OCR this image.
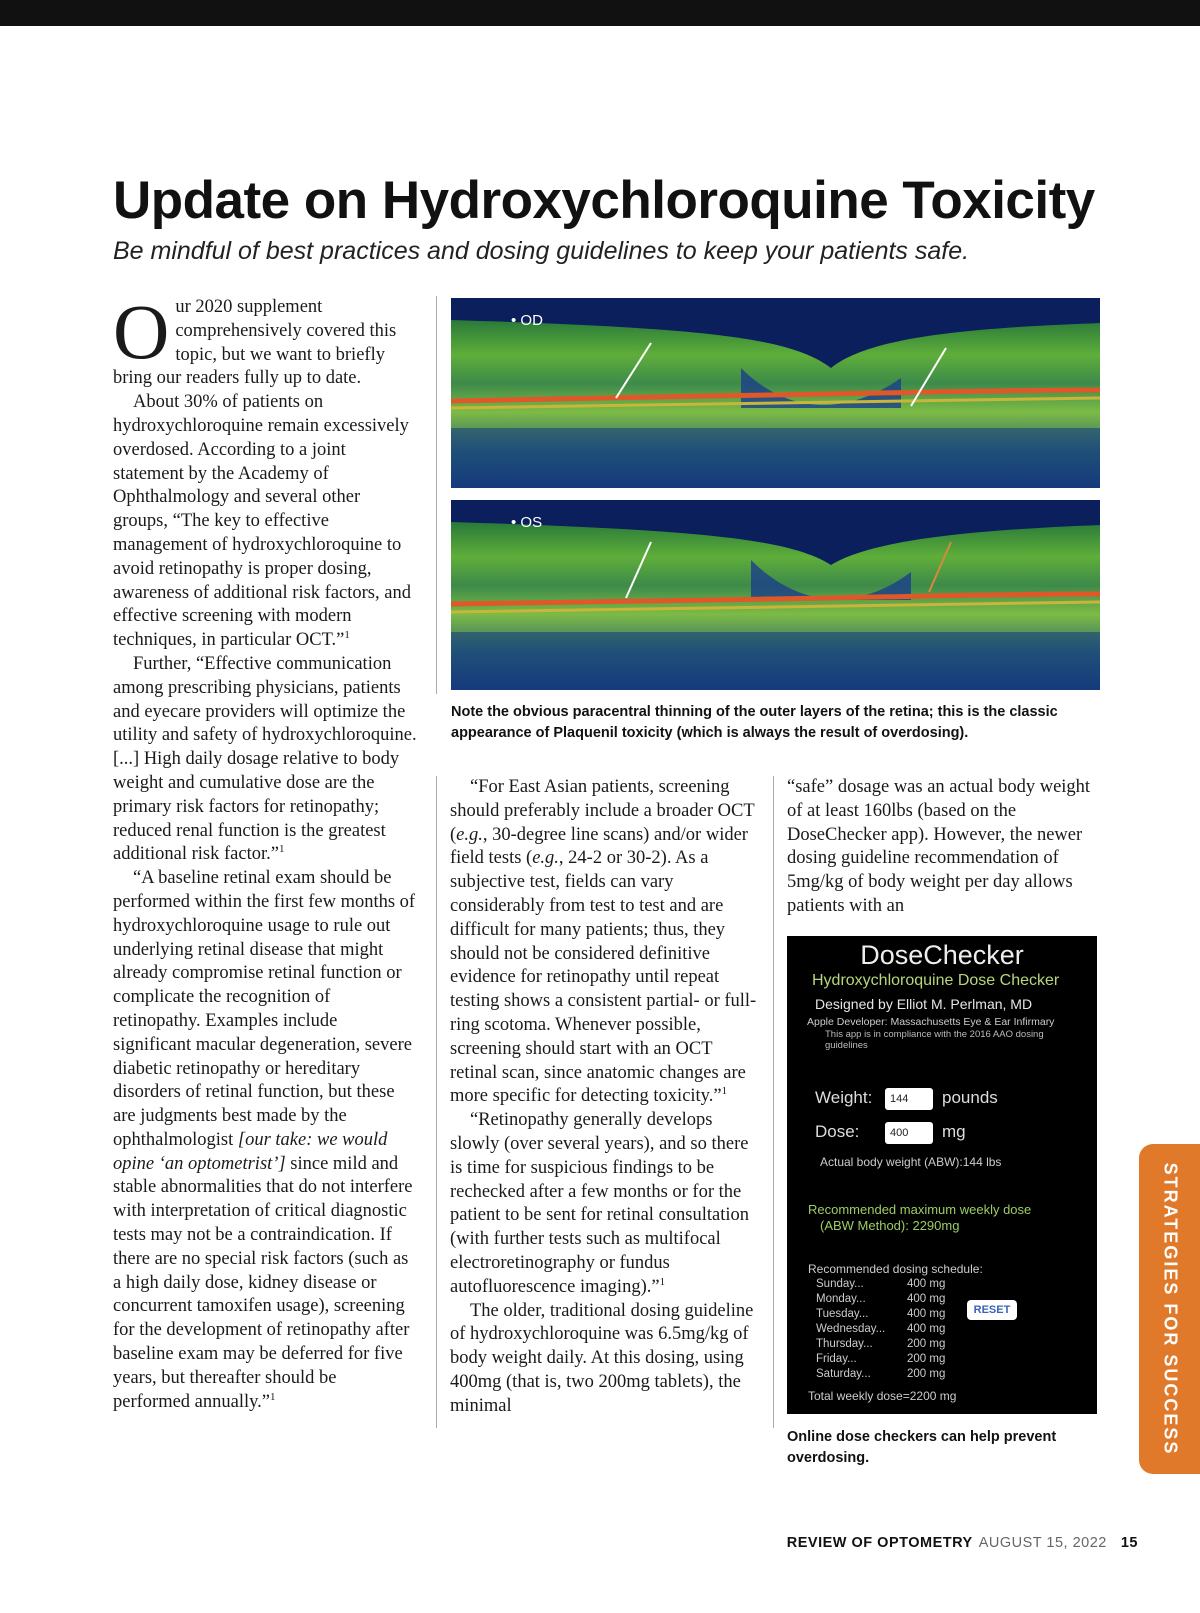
Update on Hydroxychloroquine Toxicity
Be mindful of best practices and dosing guidelines to keep your patients safe.

Our 2020 supplement comprehensively covered this topic, but we want to briefly bring our readers fully up to date.

About 30% of patients on hydroxychloroquine remain excessively overdosed. According to a joint statement by the Academy of Ophthalmology and several other groups, “The key to effective management of hydroxychloroquine to avoid retinopathy is proper dosing, awareness of additional risk factors, and effective screening with modern techniques, in particular OCT.”$^1$

Further, “Effective communication among prescribing physicians, patients and eyecare providers will optimize the utility and safety of hydroxychloroquine. [...] High daily dosage relative to body weight and cumulative dose are the primary risk factors for retinopathy; reduced renal function is the greatest additional risk factor.”$^1$

“A baseline retinal exam should be performed within the first few months of hydroxychloroquine usage to rule out underlying retinal disease that might already compromise retinal function or complicate the recognition of retinopathy. Examples include significant macular degeneration, severe diabetic retinopathy or hereditary disorders of retinal function, but these are judgments best made by the ophthalmologist [our take: we would opine ‘an optometrist’] since mild and stable abnormalities that do not interfere with interpretation of critical diagnostic tests may not be a contraindication. If there are no special risk factors (such as a high daily dose, kidney disease or concurrent tamoxifen usage), screening for the development of retinopathy after baseline exam may be deferred for five years, but thereafter should be performed annually.”$^1$

• OD
• OS
Note the obvious paracentral thinning of the outer layers of the retina; this is the classic appearance of Plaquenil toxicity (which is always the result of overdosing).

“For East Asian patients, screening should preferably include a broader OCT (e.g., 30-degree line scans) and/or wider field tests (e.g., 24-2 or 30-2). As a subjective test, fields can vary considerably from test to test and are difficult for many patients; thus, they should not be considered definitive evidence for retinopathy until repeat testing shows a consistent partial- or full-ring scotoma. Whenever possible, screening should start with an OCT retinal scan, since anatomic changes are more specific for detecting toxicity.”$^1$

“Retinopathy generally develops slowly (over several years), and so there is time for suspicious findings to be rechecked after a few months or for the patient to be sent for retinal consultation (with further tests such as multifocal electroretinography or fundus autofluorescence imaging).”$^1$

The older, traditional dosing guideline of hydroxychloroquine was 6.5mg/kg of body weight daily. At this dosing, using 400mg (that is, two 200mg tablets), the minimal

“safe” dosage was an actual body weight of at least 160lbs (based on the DoseChecker app). However, the newer dosing guideline recommendation of 5mg/kg of body weight per day allows patients with an

DoseChecker
Hydroxychloroquine Dose Checker
Designed by Elliot M. Perlman, MD
Apple Developer: Massachusetts Eye & Ear Infirmary
This app is in compliance with the 2016 AAO dosing guidelines
Weight:	144	pounds
Dose:	400	mg
Actual body weight (ABW):144 lbs
Recommended maximum weekly dose
(ABW Method): 2290mg
Recommended dosing schedule:
Sunday...	400 mg
Monday...	400 mg
Tuesday...	400 mg
Wednesday... 400 mg
Thursday...	200 mg
Friday...	200 mg
Saturday...	200 mg
RESET
Total weekly dose=2200 mg
Online dose checkers can help prevent overdosing.
STRATEGIES FOR SUCCESS
REVIEW OF OPTOMETRY AUGUST 15, 2022 15
